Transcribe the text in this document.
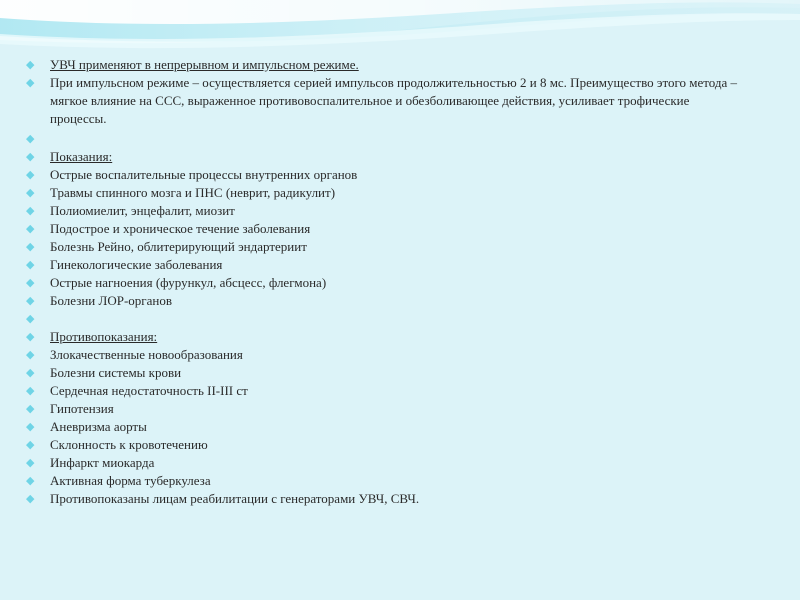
◆ УВЧ применяют в непрерывном и импульсном режиме.
◆ При импульсном режиме – осуществляется серией импульсов продолжительностью 2 и 8 мс. Преимущество этого метода – мягкое влияние на ССС, выраженное противовоспалительное и обезболивающее действия, усиливает трофические процессы.
◆

◆ Показания:
◆ Острые воспалительные процессы внутренних органов
◆ Травмы спинного мозга и ПНС (неврит, радикулит)
◆ Полиомиелит, энцефалит, миозит
◆ Подострое и хроническое течение заболевания
◆ Болезнь Рейно, облитерирующий эндартериит
◆ Гинекологические заболевания
◆ Острые нагноения (фурункул, абсцесс, флегмона)
◆ Болезни ЛОР-органов
◆

◆ Противопоказания:
◆ Злокачественные новообразования
◆ Болезни системы крови
◆ Сердечная недостаточность II-III ст
◆ Гипотензия
◆ Аневризма аорты
◆ Склонность к кровотечению
◆ Инфаркт миокарда
◆ Активная форма туберкулеза
◆ Противопоказаны лицам реабилитации с генераторами УВЧ, СВЧ.
